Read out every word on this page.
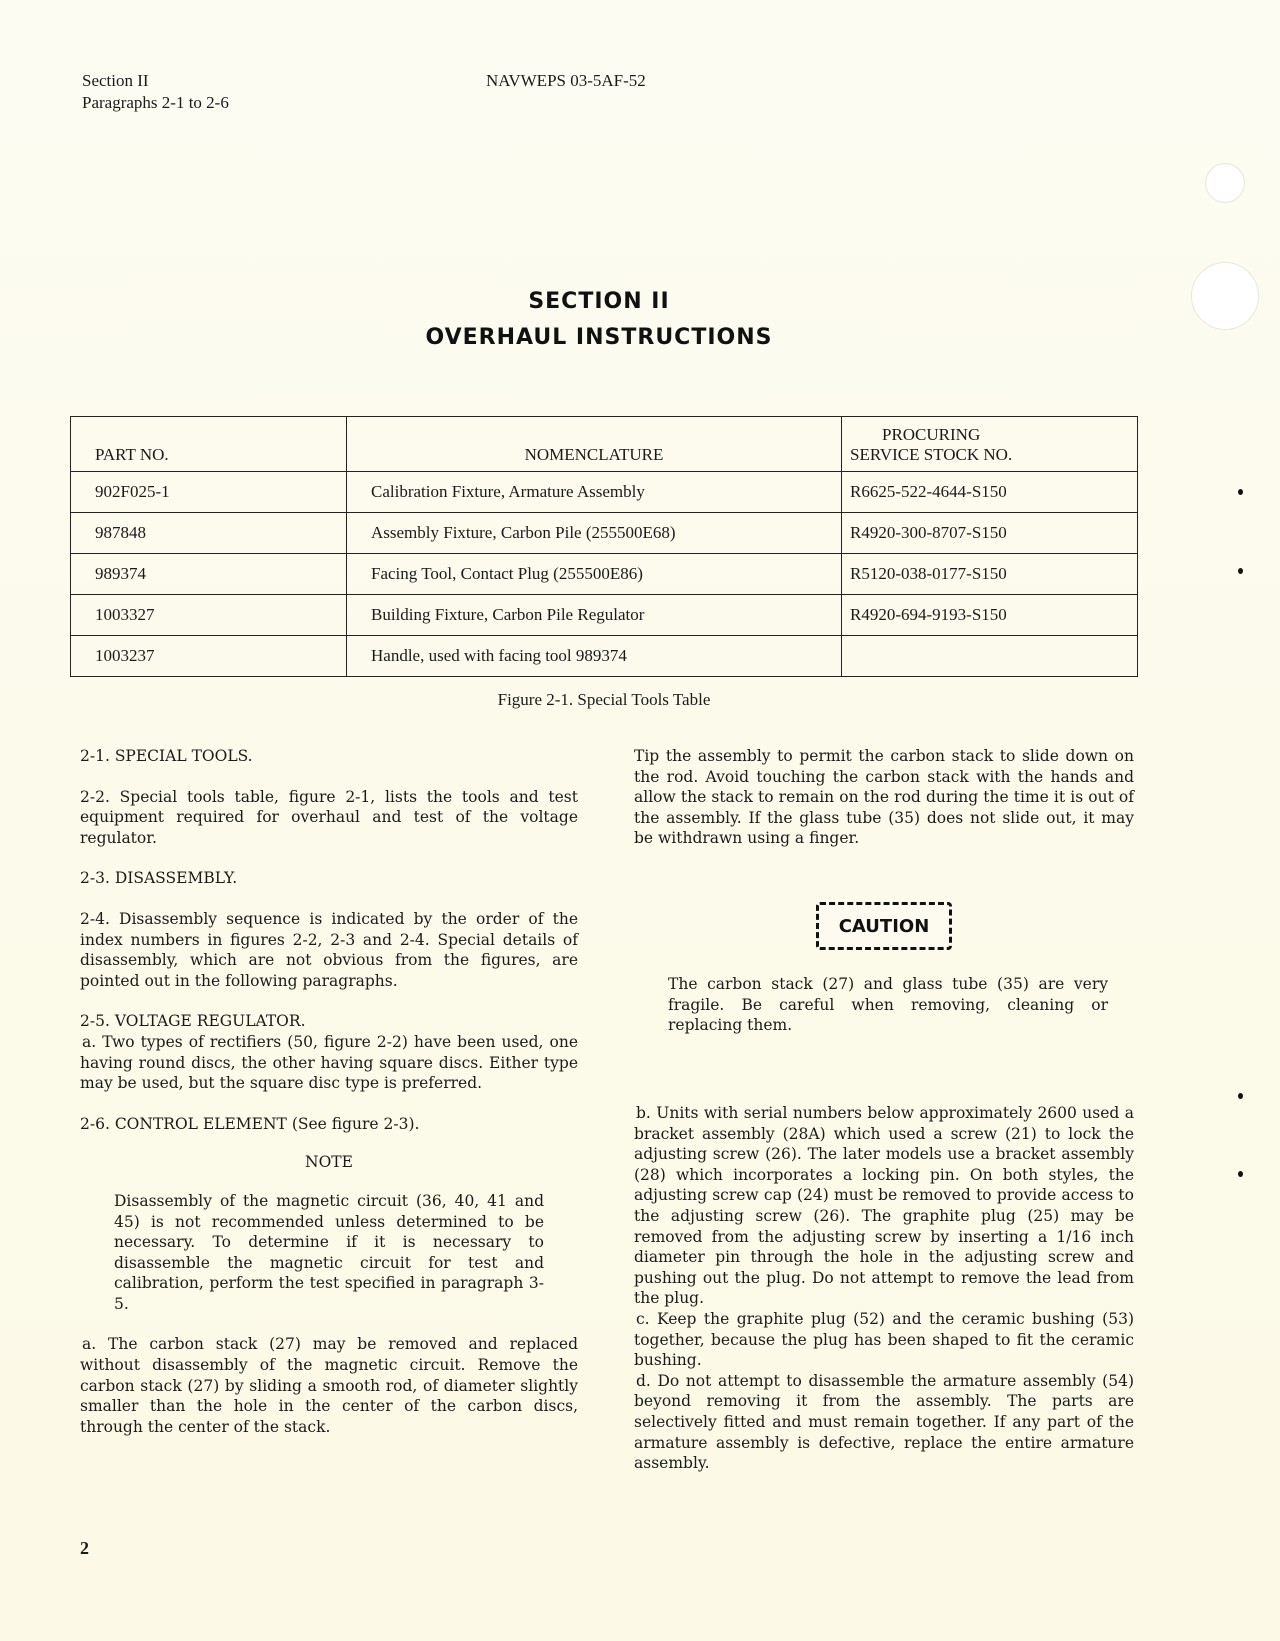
Section II
Paragraphs 2-1 to 2-6
NAVWEPS 03-5AF-52
SECTION II
OVERHAUL INSTRUCTIONS
PART NO.	NOMENCLATURE	PROCURING
SERVICE STOCK NO.
902F025-1	Calibration Fixture, Armature Assembly	R6625-522-4644-S150
987848	Assembly Fixture, Carbon Pile (255500E68)	R4920-300-8707-S150
989374	Facing Tool, Contact Plug (255500E86)	R5120-038-0177-S150
1003327	Building Fixture, Carbon Pile Regulator	R4920-694-9193-S150
1003237	Handle, used with facing tool 989374	
Figure 2-1. Special Tools Table

2-1. SPECIAL TOOLS.

2-2. Special tools table, figure 2-1, lists the tools and test equipment required for overhaul and test of the voltage regulator.

2-3. DISASSEMBLY.

2-4. Disassembly sequence is indicated by the order of the index numbers in figures 2-2, 2-3 and 2-4. Special details of disassembly, which are not obvious from the figures, are pointed out in the following paragraphs.

2-5. VOLTAGE REGULATOR.

a. Two types of rectifiers (50, figure 2-2) have been used, one having round discs, the other having square discs. Either type may be used, but the square disc type is preferred.

2-6. CONTROL ELEMENT (See figure 2-3).

NOTE

Disassembly of the magnetic circuit (36, 40, 41 and 45) is not recommended unless determined to be necessary. To determine if it is necessary to disassemble the magnetic circuit for test and calibration, perform the test specified in paragraph 3-5.

a. The carbon stack (27) may be removed and replaced without disassembly of the magnetic circuit. Remove the carbon stack (27) by sliding a smooth rod, of diameter slightly smaller than the hole in the center of the carbon discs, through the center of the stack.

Tip the assembly to permit the carbon stack to slide down on the rod. Avoid touching the carbon stack with the hands and allow the stack to remain on the rod during the time it is out of the assembly. If the glass tube (35) does not slide out, it may be withdrawn using a finger.

CAUTION
The carbon stack (27) and glass tube (35) are very fragile. Be careful when removing, cleaning or replacing them.

b. Units with serial numbers below approximately 2600 used a bracket assembly (28A) which used a screw (21) to lock the adjusting screw (26). The later models use a bracket assembly (28) which incorporates a locking pin. On both styles, the adjusting screw cap (24) must be removed to provide access to the adjusting screw (26). The graphite plug (25) may be removed from the adjusting screw by inserting a 1/16 inch diameter pin through the hole in the adjusting screw and pushing out the plug. Do not attempt to remove the lead from the plug.

c. Keep the graphite plug (52) and the ceramic bushing (53) together, because the plug has been shaped to fit the ceramic bushing.

d. Do not attempt to disassemble the armature assembly (54) beyond removing it from the assembly. The parts are selectively fitted and must remain together. If any part of the armature assembly is defective, replace the entire armature assembly.

2
